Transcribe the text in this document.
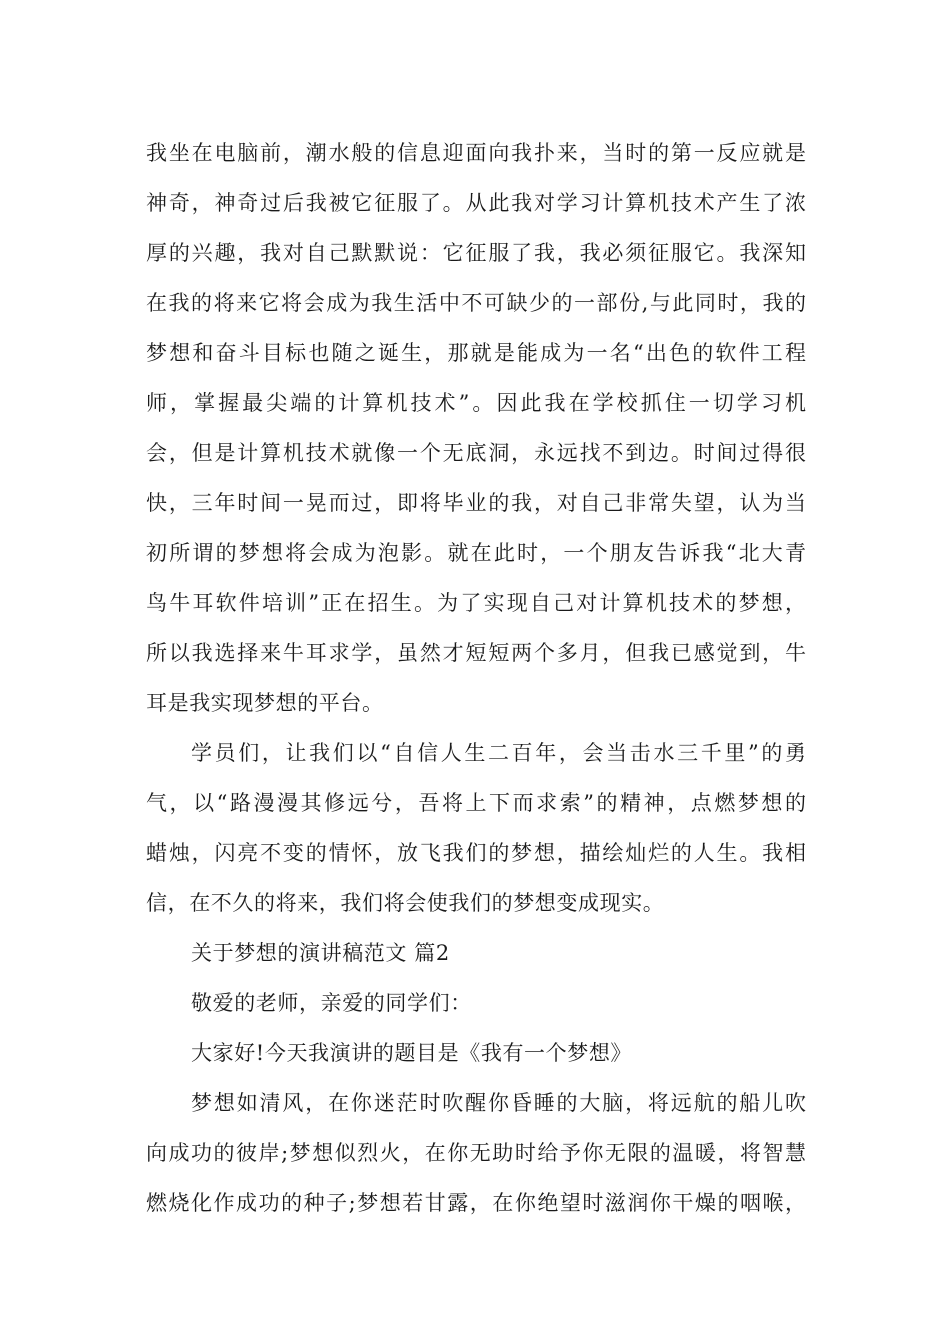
我坐在电脑前，潮水般的信息迎面向我扑来，当时的第一反应就是
神奇，神奇过后我被它征服了。从此我对学习计算机技术产生了浓
厚的兴趣，我对自己默默说：它征服了我，我必须征服它。我深知
在我的将来它将会成为我生活中不可缺少的一部份,与此同时，我的
梦想和奋斗目标也随之诞生，那就是能成为一名“出色的软件工程
师，掌握最尖端的计算机技术”。因此我在学校抓住一切学习机
会，但是计算机技术就像一个无底洞，永远找不到边。时间过得很
快，三年时间一晃而过，即将毕业的我，对自己非常失望，认为当
初所谓的梦想将会成为泡影。就在此时，一个朋友告诉我“北大青
鸟牛耳软件培训”正在招生。为了实现自己对计算机技术的梦想，
所以我选择来牛耳求学，虽然才短短两个多月，但我已感觉到，牛
耳是我实现梦想的平台。
学员们，让我们以“自信人生二百年，会当击水三千里”的勇
气，以“路漫漫其修远兮，吾将上下而求索”的精神，点燃梦想的
蜡烛，闪亮不变的情怀，放飞我们的梦想，描绘灿烂的人生。我相
信，在不久的将来，我们将会使我们的梦想变成现实。
关于梦想的演讲稿范文 篇2
敬爱的老师，亲爱的同学们：
大家好!今天我演讲的题目是《我有一个梦想》
梦想如清风，在你迷茫时吹醒你昏睡的大脑，将远航的船儿吹
向成功的彼岸;梦想似烈火，在你无助时给予你无限的温暖，将智慧
燃烧化作成功的种子;梦想若甘露，在你绝望时滋润你干燥的咽喉，
